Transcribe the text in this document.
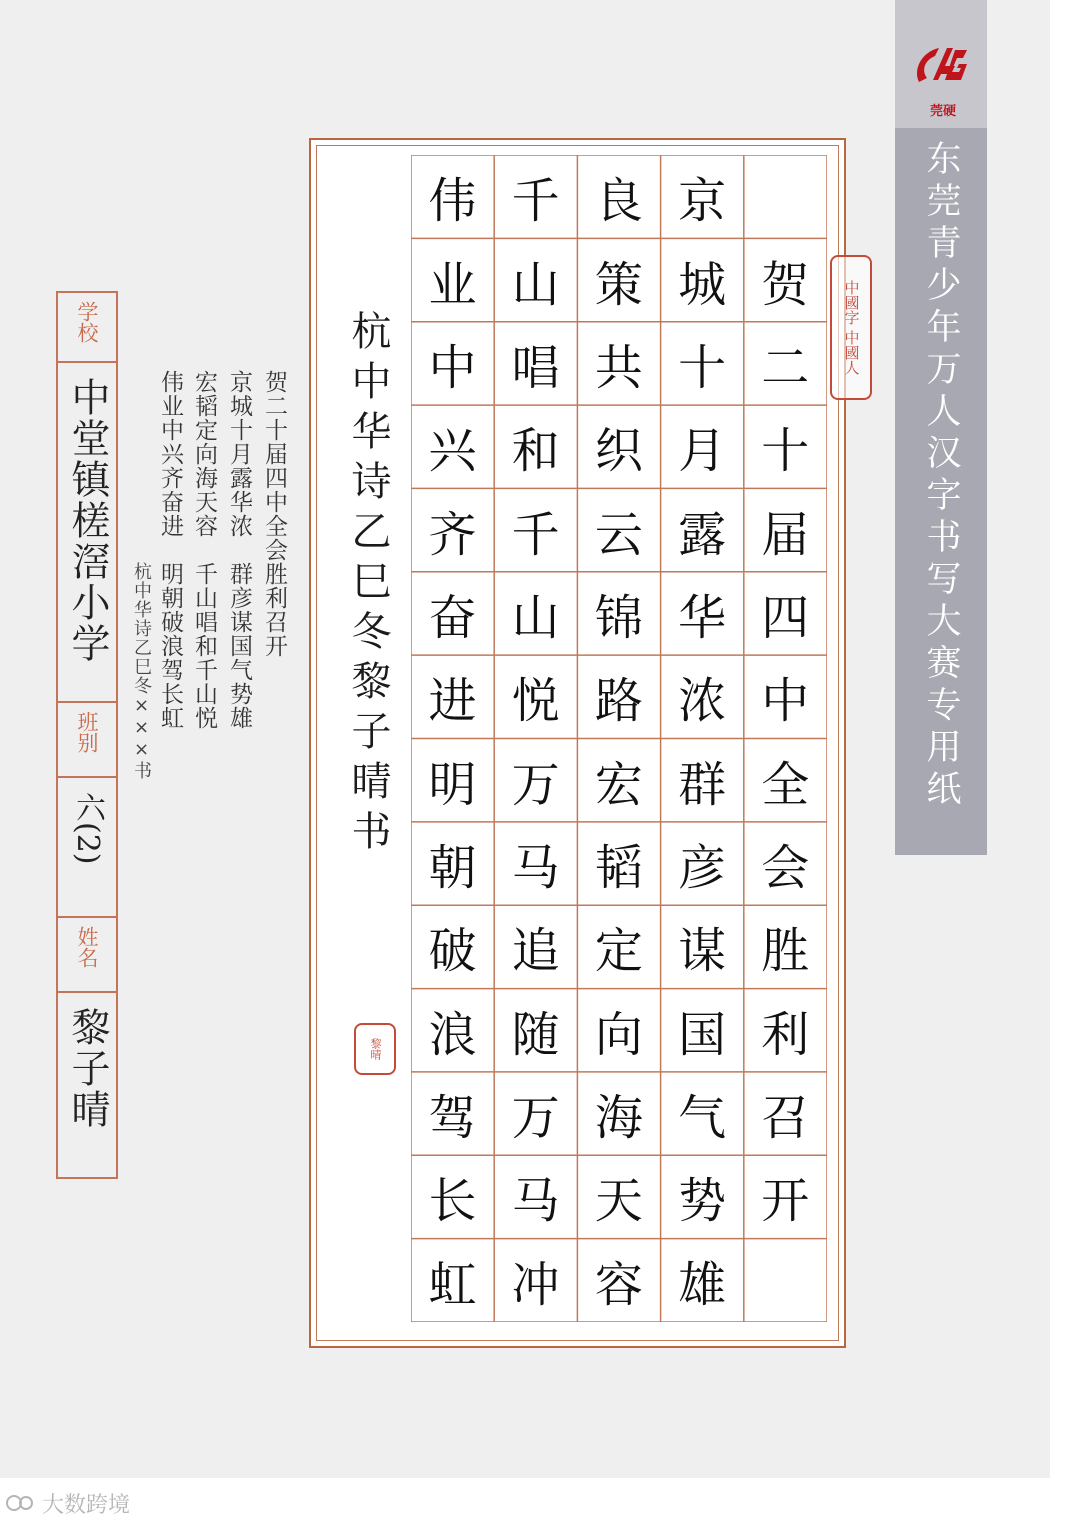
莞硬
东莞青少年万人汉字书写大赛专用纸
学校
中堂镇槎滘小学
班别
六(2)
姓名
黎子晴
贺二十届四中全会胜利召开
京城十月露华浓　群彦谋国气势雄
宏韬定向海天容　千山唱和千山悦
伟业中兴齐奋进　明朝破浪驾长虹
杭中华诗乙巳冬×××书	杭中华诗乙巳冬黎子晴书
黎晴
中國字 中國人
贺
二
十
届
四
中
全
会
胜
利
召
开
京
城
十
月
露
华
浓
群
彦
谋
国
气
势
雄
良
策
共
织
云
锦
路
宏
韬
定
向
海
天
容
千
山
唱
和
千
山
悦
万
马
追
随
万
马
冲
伟
业
中
兴
齐
奋
进
明
朝
破
浪
驾
长
虹
大数跨境
